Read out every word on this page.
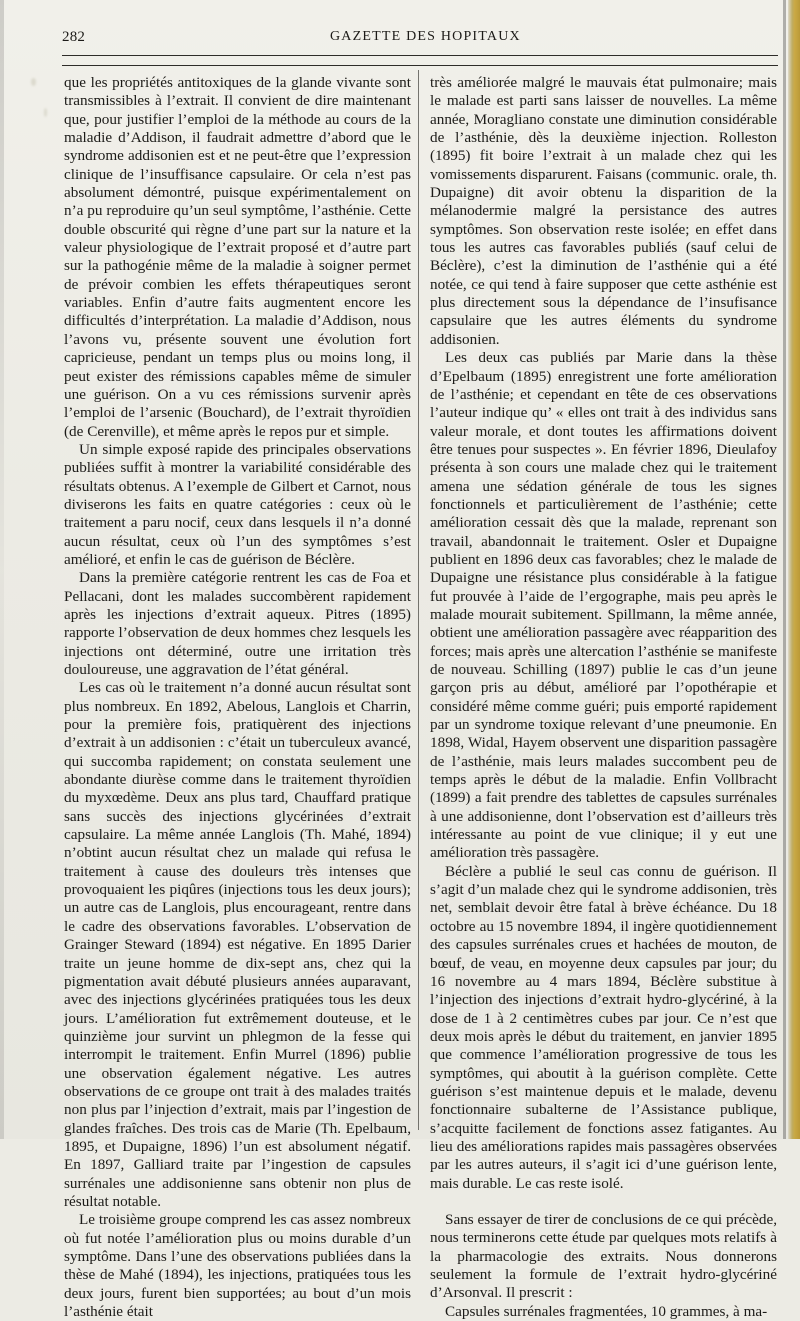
282	GAZETTE DES HOPITAUX

que les propriétés antitoxiques de la glande vivante sont transmissibles à l’extrait. Il convient de dire maintenant que, pour justifier l’emploi de la méthode au cours de la maladie d’Addison, il faudrait admettre d’abord que le syndrome addisonien est et ne peut-être que l’expression clinique de l’insuffisance capsulaire. Or cela n’est pas absolument démontré, puisque expérimentalement on n’a pu reproduire qu’un seul symptôme, l’asthénie. Cette double obscurité qui règne d’une part sur la nature et la valeur physiologique de l’extrait proposé et d’autre part sur la pathogénie même de la maladie à soigner permet de prévoir combien les effets thérapeutiques seront variables. Enfin d’autre faits augmentent encore les difficultés d’interprétation. La maladie d’Addison, nous l’avons vu, présente souvent une évolution fort capricieuse, pendant un temps plus ou moins long, il peut exister des rémissions capables même de simuler une guérison. On a vu ces rémissions survenir après l’emploi de l’arsenic (Bouchard), de l’extrait thyroïdien (de Cerenville), et même après le repos pur et simple.

Un simple exposé rapide des principales observations publiées suffit à montrer la variabilité considérable des résultats obtenus. A l’exemple de Gilbert et Carnot, nous diviserons les faits en quatre catégories : ceux où le traitement a paru nocif, ceux dans lesquels il n’a donné aucun résultat, ceux où l’un des symptômes s’est amélioré, et enfin le cas de guérison de Béclère.

Dans la première catégorie rentrent les cas de Foa et Pellacani, dont les malades succombèrent rapidement après les injections d’extrait aqueux. Pitres (1895) rapporte l’observation de deux hommes chez lesquels les injections ont déterminé, outre une irritation très douloureuse, une aggravation de l’état général.

Les cas où le traitement n’a donné aucun résultat sont plus nombreux. En 1892, Abelous, Langlois et Charrin, pour la première fois, pratiquèrent des injections d’extrait à un addisonien : c’était un tuberculeux avancé, qui succomba rapidement; on constata seulement une abondante diurèse comme dans le traitement thyroïdien du myxœdème. Deux ans plus tard, Chauffard pratique sans succès des injections glycérinées d’extrait capsulaire. La même année Langlois (Th. Mahé, 1894) n’obtint aucun résultat chez un malade qui refusa le traitement à cause des douleurs très intenses que provoquaient les piqûres (injections tous les deux jours); un autre cas de Langlois, plus encourageant, rentre dans le cadre des observations favorables. L’observation de Grainger Steward (1894) est négative. En 1895 Darier traite un jeune homme de dix-sept ans, chez qui la pigmentation avait débuté plusieurs années auparavant, avec des injections glycérinées pratiquées tous les deux jours. L’amélioration fut extrêmement douteuse, et le quinzième jour survint un phlegmon de la fesse qui interrompit le traitement. Enfin Murrel (1896) publie une observation également négative. Les autres observations de ce groupe ont trait à des malades traités non plus par l’injection d’extrait, mais par l’ingestion de glandes fraîches. Des trois cas de Marie (Th. Epelbaum, 1895, et Dupaigne, 1896) l’un est absolument négatif. En 1897, Galliard traite par l’ingestion de capsules surrénales une addisonienne sans obtenir non plus de résultat notable.

Le troisième groupe comprend les cas assez nombreux où fut notée l’amélioration plus ou moins durable d’un symptôme. Dans l’une des observations publiées dans la thèse de Mahé (1894), les injections, pratiquées tous les deux jours, furent bien supportées; au bout d’un mois l’asthénie était

très améliorée malgré le mauvais état pulmonaire; mais le malade est parti sans laisser de nouvelles. La même année, Moragliano constate une diminution considérable de l’asthénie, dès la deuxième injection. Rolleston (1895) fit boire l’extrait à un malade chez qui les vomissements disparurent. Faisans (communic. orale, th. Dupaigne) dit avoir obtenu la disparition de la mélanodermie malgré la persistance des autres symptômes. Son observation reste isolée; en effet dans tous les autres cas favorables publiés (sauf celui de Béclère), c’est la diminution de l’asthénie qui a été notée, ce qui tend à faire supposer que cette asthénie est plus directement sous la dépendance de l’insufisance capsulaire que les autres éléments du syndrome addisonien.

Les deux cas publiés par Marie dans la thèse d’Epelbaum (1895) enregistrent une forte amélioration de l’asthénie; et cependant en tête de ces observations l’auteur indique qu’ « elles ont trait à des individus sans valeur morale, et dont toutes les affirmations doivent être tenues pour suspectes ». En février 1896, Dieulafoy présenta à son cours une malade chez qui le traitement amena une sédation générale de tous les signes fonctionnels et particulièrement de l’asthénie; cette amélioration cessait dès que la malade, reprenant son travail, abandonnait le traitement. Osler et Dupaigne publient en 1896 deux cas favorables; chez le malade de Dupaigne une résistance plus considérable à la fatigue fut prouvée à l’aide de l’ergographe, mais peu après le malade mourait subitement. Spillmann, la même année, obtient une amélioration passagère avec réapparition des forces; mais après une altercation l’asthénie se manifeste de nouveau. Schilling (1897) publie le cas d’un jeune garçon pris au début, amélioré par l’opothérapie et considéré même comme guéri; puis emporté rapidement par un syndrome toxique relevant d’une pneumonie. En 1898, Widal, Hayem observent une disparition passagère de l’asthénie, mais leurs malades succombent peu de temps après le début de la maladie. Enfin Vollbracht (1899) a fait prendre des tablettes de capsules surrénales à une addisonienne, dont l’observation est d’ailleurs très intéressante au point de vue clinique; il y eut une amélioration très passagère.

Béclère a publié le seul cas connu de guérison. Il s’agit d’un malade chez qui le syndrome addisonien, très net, semblait devoir être fatal à brève échéance. Du 18 octobre au 15 novembre 1894, il ingère quotidiennement des capsules surrénales crues et hachées de mouton, de bœuf, de veau, en moyenne deux capsules par jour; du 16 novembre au 4 mars 1894, Béclère substitue à l’injection des injections d’extrait hydro-glycériné, à la dose de 1 à 2 centimètres cubes par jour. Ce n’est que deux mois après le début du traitement, en janvier 1895 que commence l’amélioration progressive de tous les symptômes, qui aboutit à la guérison complète. Cette guérison s’est maintenue depuis et le malade, devenu fonctionnaire subalterne de l’Assistance publique, s’acquitte facilement de fonctions assez fatigantes. Au lieu des améliorations rapides mais passagères observées par les autres auteurs, il s’agit ici d’une guérison lente, mais durable. Le cas reste isolé.

Sans essayer de tirer de conclusions de ce qui précède, nous terminerons cette étude par quelques mots relatifs à la pharmacologie des extraits. Nous donnerons seulement la formule de l’extrait hydro-glycériné d’Arsonval. Il prescrit :

Capsules surrénales fragmentées, 10 grammes, à ma-
